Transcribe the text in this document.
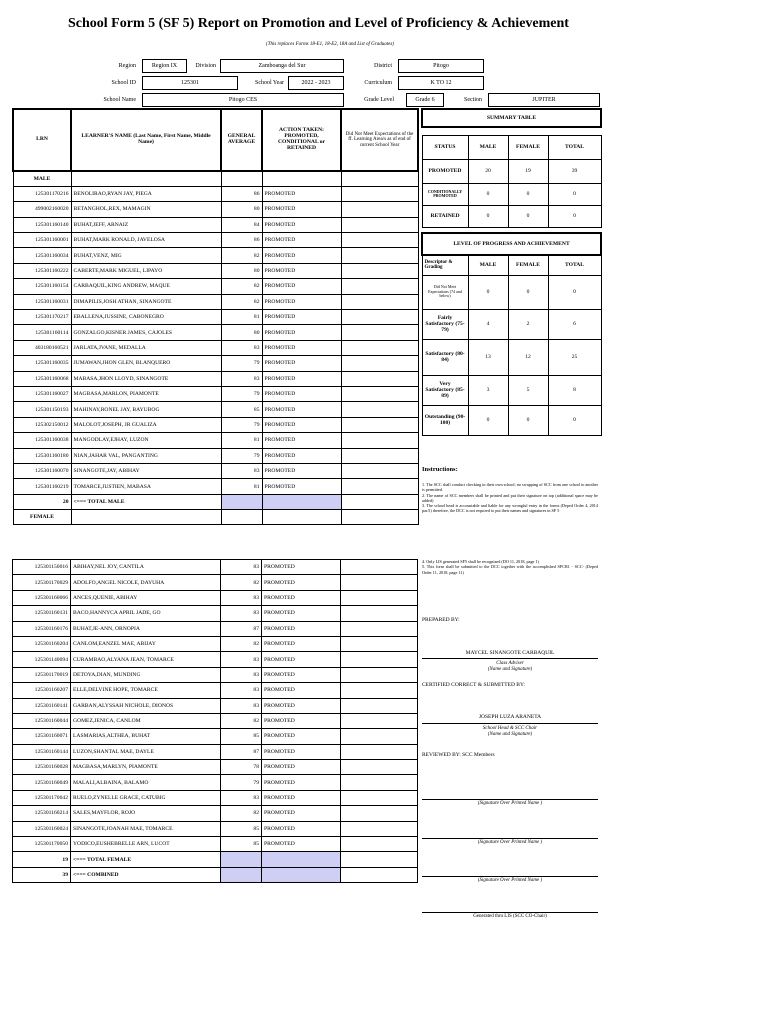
School Form 5 (SF 5) Report on Promotion and Level of Proficiency & Achievement
(This replaces Forms 18-E1, 18-E2, 18A and List of Graduates)
Region	Region IX	Division	Zamboanga del Sur	District	Pitogo
School ID	125301	School Year	2022 - 2023	Curriculum	K TO 12
School Name	Pitogo CES	Grade Level	Grade 6	Section	JUPITER
LRN	LEARNER'S NAME (Last Name, First Name, Middle Name)	GENERAL AVERAGE	ACTION TAKEN: PROMOTED, CONDITIONAL or RETAINED	Did Not Meet Expectations of the ff. Learning Area/s as of end of current School Year
MALE				
125301170216	BENOLIRAO,RYAN JAY, PIEGA	86	PROMOTED	
499002160020	BETANGHOL,REX, MAMAGIN	80	PROMOTED	
125301160140	BUHAT,JEFF, ARNAIZ	84	PROMOTED	
125301160001	BUHAT,MARK RONALD, JAVELOSA	86	PROMOTED	
125301160034	BUHAT,VENZ, MIG	82	PROMOTED	
125301160222	CABERTE,MARK MIGUEL, LIPAYO	80	PROMOTED	
125301160154	CARBAQUIL,KING ANDREW, MAQUE	82	PROMOTED	
125301160031	DIMAPILIS,JOSH ATHAN, SINANGOTE	82	PROMOTED	
125301170217	EBALLENA,JUSSINE, CABONEGRO	81	PROMOTED	
125301160114	GONZALGO,KISNER JAMES, CAJOLES	80	PROMOTED	
403180160521	JARLATA,JVANE, MEDALLA	83	PROMOTED	
125301160035	JUMAWAN,JHON GLEN, BLANQUERO	79	PROMOTED	
125301160068	MABASA,JHON LLOYD, SINANGOTE	83	PROMOTED	
125301160027	MAGBASA,MARLON, PIAMONTE	79	PROMOTED	
125301150193	MAHINAY,RONEL JAY, BAYUBOG	85	PROMOTED	
125302150012	MALOLOT,JOSEPH, JR GUALIZA	79	PROMOTED	
125301160038	MANGODLAY,EJHAY, LUZON	81	PROMOTED	
125301160180	NIAN,JAHAR VAL, PANGANTING	79	PROMOTED	
125301160070	SINANGOTE,JAY, ABIHAY	83	PROMOTED	
125301160219	TOMARCE,JUSTIEN, MABASA	81	PROMOTED	
20	<=== TOTAL MALE			
FEMALE				
125301150016	ABIHAY,NEL JOY, CANTILA	83	PROMOTED	
125301170029	ADOLFO,ANGEL NICOLE, DAYUHA	82	PROMOTED	
125301160066	ANCES,QUENIE, ABIHAY	83	PROMOTED	
125301160131	BACO,HANNYCA APRIL JADE, GO	83	PROMOTED	
125301160176	BUHAT,JE-ANN, ORNOPIA	87	PROMOTED	
125301160204	CANLOM,EANZEL MAE, ABIJAY	82	PROMOTED	
125301140094	CURAMBAO,ALYANA JEAN, TOMARCE	83	PROMOTED	
125301170019	DETOYA,DIAN, MUNDING	83	PROMOTED	
125301160207	ELLE,DELVINE HOPE, TOMARCE	83	PROMOTED	
125301160141	GARBAN,ALYSSAH NICHOLE, DIONOS	83	PROMOTED	
125301160044	GOMEZ,JENICA, CANLOM	82	PROMOTED	
125301160071	LASMARIAS,ALTHEA, BUHAT	85	PROMOTED	
125301160144	LUZON,SHANTAL MAE, DAYLE	87	PROMOTED	
125301160028	MAGBASA,MARLYN, PIAMONTE	78	PROMOTED	
125301160049	MALALI,ALBAINA, BALAMO	79	PROMOTED	
125301170042	RUELO,ZYNELLE GRACE, CATUBIG	83	PROMOTED	
125301160214	SALES,MAYFLOR, ROJO	82	PROMOTED	
125301160024	SINANGOTE,JOANAH MAE, TOMARCE	85	PROMOTED	
125301170050	YODICO,EUSHEBRELLE ARN, LUCOT	85	PROMOTED	
19	<=== TOTAL FEMALE			
39	<=== COMBINED			
SUMMARY TABLE			

STATUS	MALE	FEMALE	TOTAL
PROMOTED	20	19	39
CONDITIONALLY PROMOTED	0	0	0
RETAINED	0	0	0

LEVEL OF PROGRESS AND ACHIEVEMENT			
Descriptor & Grading	MALE	FEMALE	TOTAL
Did Not Meet Expectations (74 and below)	0	0	0
Fairly Satisfactory (75-79)	4	2	6
Satisfactory (80-84)	13	12	25
Very Satisfactory (85-89)	3	5	8
Outstanding (90-100)	0	0	0
Instructions:

1. The SCC shall conduct checking in their own school; no swapping of SCC from one school to another is permitted.

2. The name of SCC members shall be printed and put their signature on top (additional space may be added)

3. The school head is accountable and liable for any wrongful entry in the forms (Deped Order 4, 2014 par.5) therefore, the DCC is not required to put their names and signatures in SF 5

4. Only LIS generated SF5 shall be recognized (DO 11, 2018, page 1)

5. This form shall be submitted to the DCC together with the accomplished SFCR1 - SCC- (Deped Order 11, 2018, page 11)

PREPARED BY:
MAYCEL SINANGOTE CARBAQUIL
Class Adviser
(Name and Signature)
CERTIFIED CORRECT & SUBMITTED BY:
JOSEPH LUZA ARANETA
School Head & SCC Chair
(Name and Signature)
REVIEWED BY: SCC Members
(Signature Over Printed Name )
(Signature Over Printed Name )
(Signature Over Printed Name )
Generated thru LIS (SCC CO-Chair)
